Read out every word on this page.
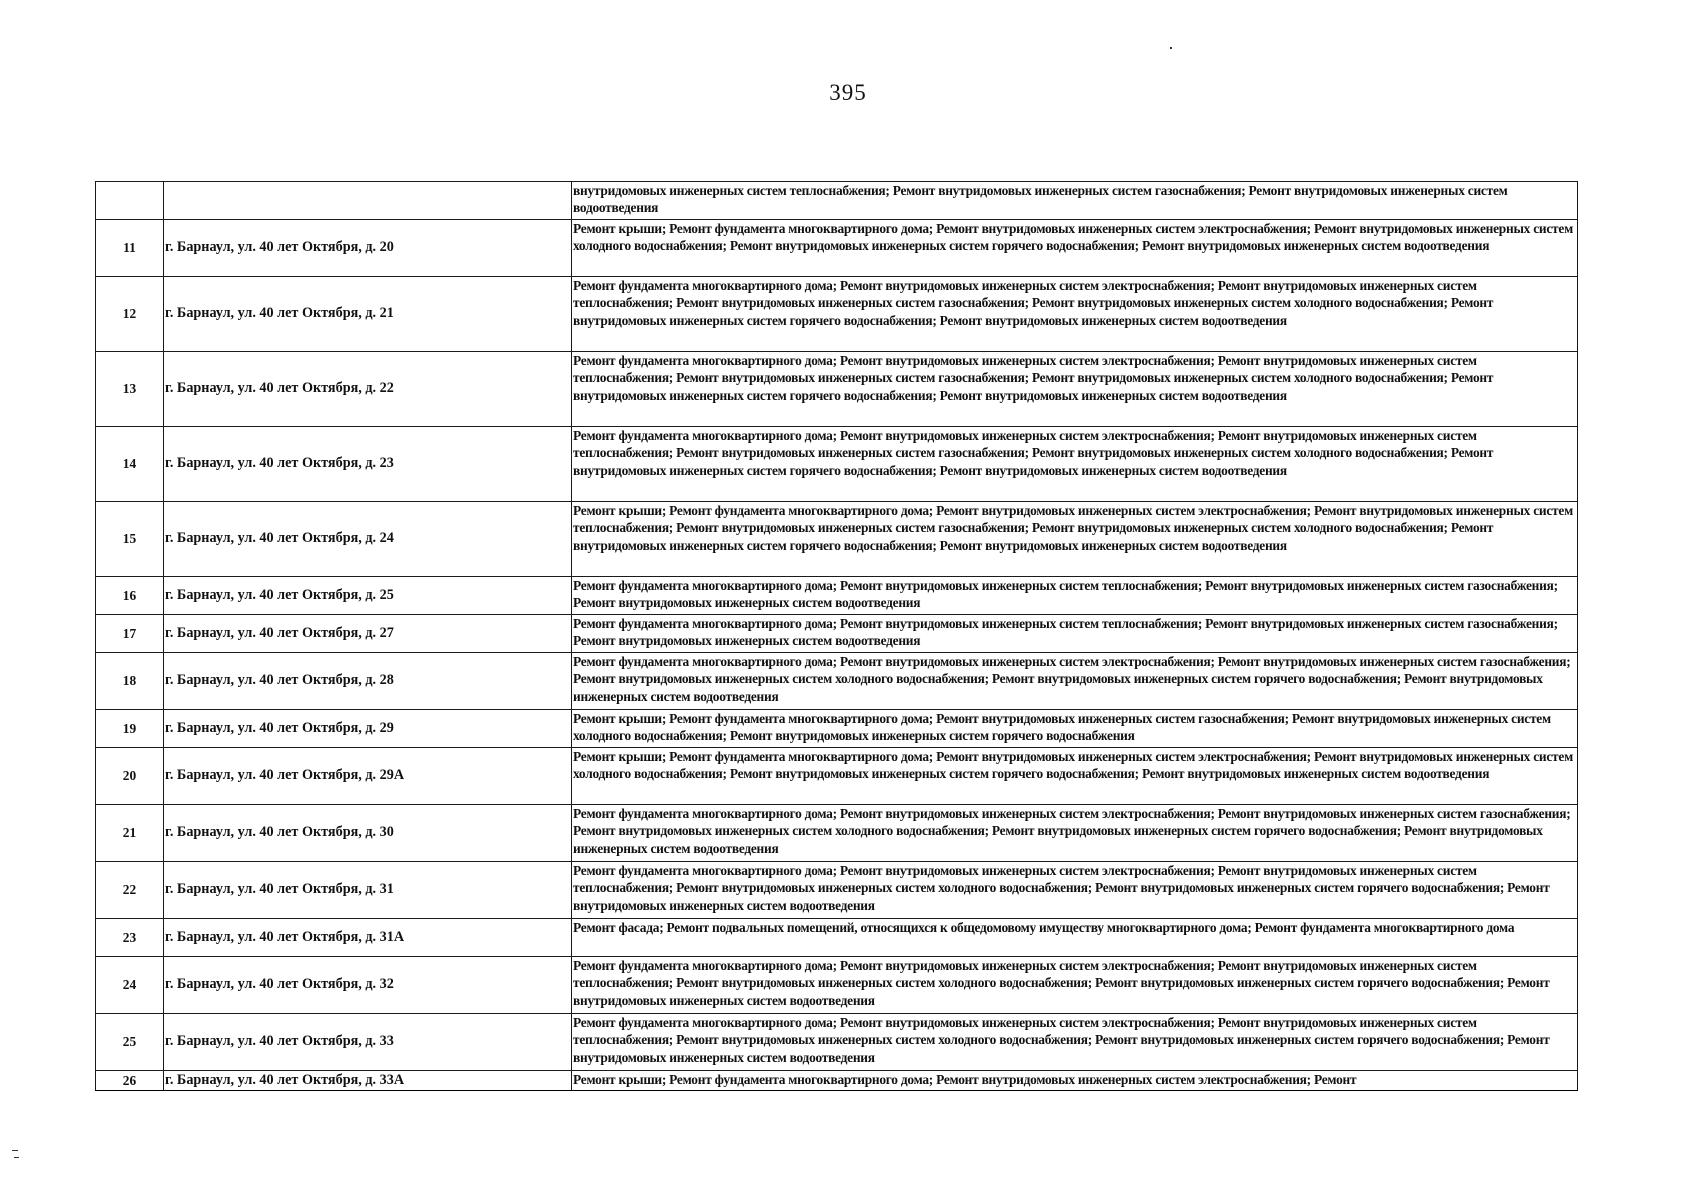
395
		внутридомовых инженерных систем теплоснабжения; Ремонт внутридомовых инженерных систем газоснабжения; Ремонт внутридомовых инженерных систем водоотведения
11	г. Барнаул, ул. 40 лет Октября, д. 20	Ремонт крыши; Ремонт фундамента многоквартирного дома; Ремонт внутридомовых инженерных систем электроснабжения; Ремонт внутридомовых инженерных систем холодного водоснабжения; Ремонт внутридомовых инженерных систем горячего водоснабжения; Ремонт внутридомовых инженерных систем водоотведения
12	г. Барнаул, ул. 40 лет Октября, д. 21	Ремонт фундамента многоквартирного дома; Ремонт внутридомовых инженерных систем электроснабжения; Ремонт внутридомовых инженерных систем теплоснабжения; Ремонт внутридомовых инженерных систем газоснабжения; Ремонт внутридомовых инженерных систем холодного водоснабжения; Ремонт внутридомовых инженерных систем горячего водоснабжения; Ремонт внутридомовых инженерных систем водоотведения
13	г. Барнаул, ул. 40 лет Октября, д. 22	Ремонт фундамента многоквартирного дома; Ремонт внутридомовых инженерных систем электроснабжения; Ремонт внутридомовых инженерных систем теплоснабжения; Ремонт внутридомовых инженерных систем газоснабжения; Ремонт внутридомовых инженерных систем холодного водоснабжения; Ремонт внутридомовых инженерных систем горячего водоснабжения; Ремонт внутридомовых инженерных систем водоотведения
14	г. Барнаул, ул. 40 лет Октября, д. 23	Ремонт фундамента многоквартирного дома; Ремонт внутридомовых инженерных систем электроснабжения; Ремонт внутридомовых инженерных систем теплоснабжения; Ремонт внутридомовых инженерных систем газоснабжения; Ремонт внутридомовых инженерных систем холодного водоснабжения; Ремонт внутридомовых инженерных систем горячего водоснабжения; Ремонт внутридомовых инженерных систем водоотведения
15	г. Барнаул, ул. 40 лет Октября, д. 24	Ремонт крыши; Ремонт фундамента многоквартирного дома; Ремонт внутридомовых инженерных систем электроснабжения; Ремонт внутридомовых инженерных систем теплоснабжения; Ремонт внутридомовых инженерных систем газоснабжения; Ремонт внутридомовых инженерных систем холодного водоснабжения; Ремонт внутридомовых инженерных систем горячего водоснабжения; Ремонт внутридомовых инженерных систем водоотведения
16	г. Барнаул, ул. 40 лет Октября, д. 25	Ремонт фундамента многоквартирного дома; Ремонт внутридомовых инженерных систем теплоснабжения; Ремонт внутридомовых инженерных систем газоснабжения; Ремонт внутридомовых инженерных систем водоотведения
17	г. Барнаул, ул. 40 лет Октября, д. 27	Ремонт фундамента многоквартирного дома; Ремонт внутридомовых инженерных систем теплоснабжения; Ремонт внутридомовых инженерных систем газоснабжения; Ремонт внутридомовых инженерных систем водоотведения
18	г. Барнаул, ул. 40 лет Октября, д. 28	Ремонт фундамента многоквартирного дома; Ремонт внутридомовых инженерных систем электроснабжения; Ремонт внутридомовых инженерных систем газоснабжения; Ремонт внутридомовых инженерных систем холодного водоснабжения; Ремонт внутридомовых инженерных систем горячего водоснабжения; Ремонт внутридомовых инженерных систем водоотведения
19	г. Барнаул, ул. 40 лет Октября, д. 29	Ремонт крыши; Ремонт фундамента многоквартирного дома; Ремонт внутридомовых инженерных систем газоснабжения; Ремонт внутридомовых инженерных систем холодного водоснабжения; Ремонт внутридомовых инженерных систем горячего водоснабжения
20	г. Барнаул, ул. 40 лет Октября, д. 29А	Ремонт крыши; Ремонт фундамента многоквартирного дома; Ремонт внутридомовых инженерных систем электроснабжения; Ремонт внутридомовых инженерных систем холодного водоснабжения; Ремонт внутридомовых инженерных систем горячего водоснабжения; Ремонт внутридомовых инженерных систем водоотведения
21	г. Барнаул, ул. 40 лет Октября, д. 30	Ремонт фундамента многоквартирного дома; Ремонт внутридомовых инженерных систем электроснабжения; Ремонт внутридомовых инженерных систем газоснабжения; Ремонт внутридомовых инженерных систем холодного водоснабжения; Ремонт внутридомовых инженерных систем горячего водоснабжения; Ремонт внутридомовых инженерных систем водоотведения
22	г. Барнаул, ул. 40 лет Октября, д. 31	Ремонт фундамента многоквартирного дома; Ремонт внутридомовых инженерных систем электроснабжения; Ремонт внутридомовых инженерных систем теплоснабжения; Ремонт внутридомовых инженерных систем холодного водоснабжения; Ремонт внутридомовых инженерных систем горячего водоснабжения; Ремонт внутридомовых инженерных систем водоотведения
23	г. Барнаул, ул. 40 лет Октября, д. 31А	Ремонт фасада; Ремонт подвальных помещений, относящихся к общедомовому имуществу многоквартирного дома; Ремонт фундамента многоквартирного дома
24	г. Барнаул, ул. 40 лет Октября, д. 32	Ремонт фундамента многоквартирного дома; Ремонт внутридомовых инженерных систем электроснабжения; Ремонт внутридомовых инженерных систем теплоснабжения; Ремонт внутридомовых инженерных систем холодного водоснабжения; Ремонт внутридомовых инженерных систем горячего водоснабжения; Ремонт внутридомовых инженерных систем водоотведения
25	г. Барнаул, ул. 40 лет Октября, д. 33	Ремонт фундамента многоквартирного дома; Ремонт внутридомовых инженерных систем электроснабжения; Ремонт внутридомовых инженерных систем теплоснабжения; Ремонт внутридомовых инженерных систем холодного водоснабжения; Ремонт внутридомовых инженерных систем горячего водоснабжения; Ремонт внутридомовых инженерных систем водоотведения
26	г. Барнаул, ул. 40 лет Октября, д. 33А	Ремонт крыши; Ремонт фундамента многоквартирного дома; Ремонт внутридомовых инженерных систем электроснабжения; Ремонт
